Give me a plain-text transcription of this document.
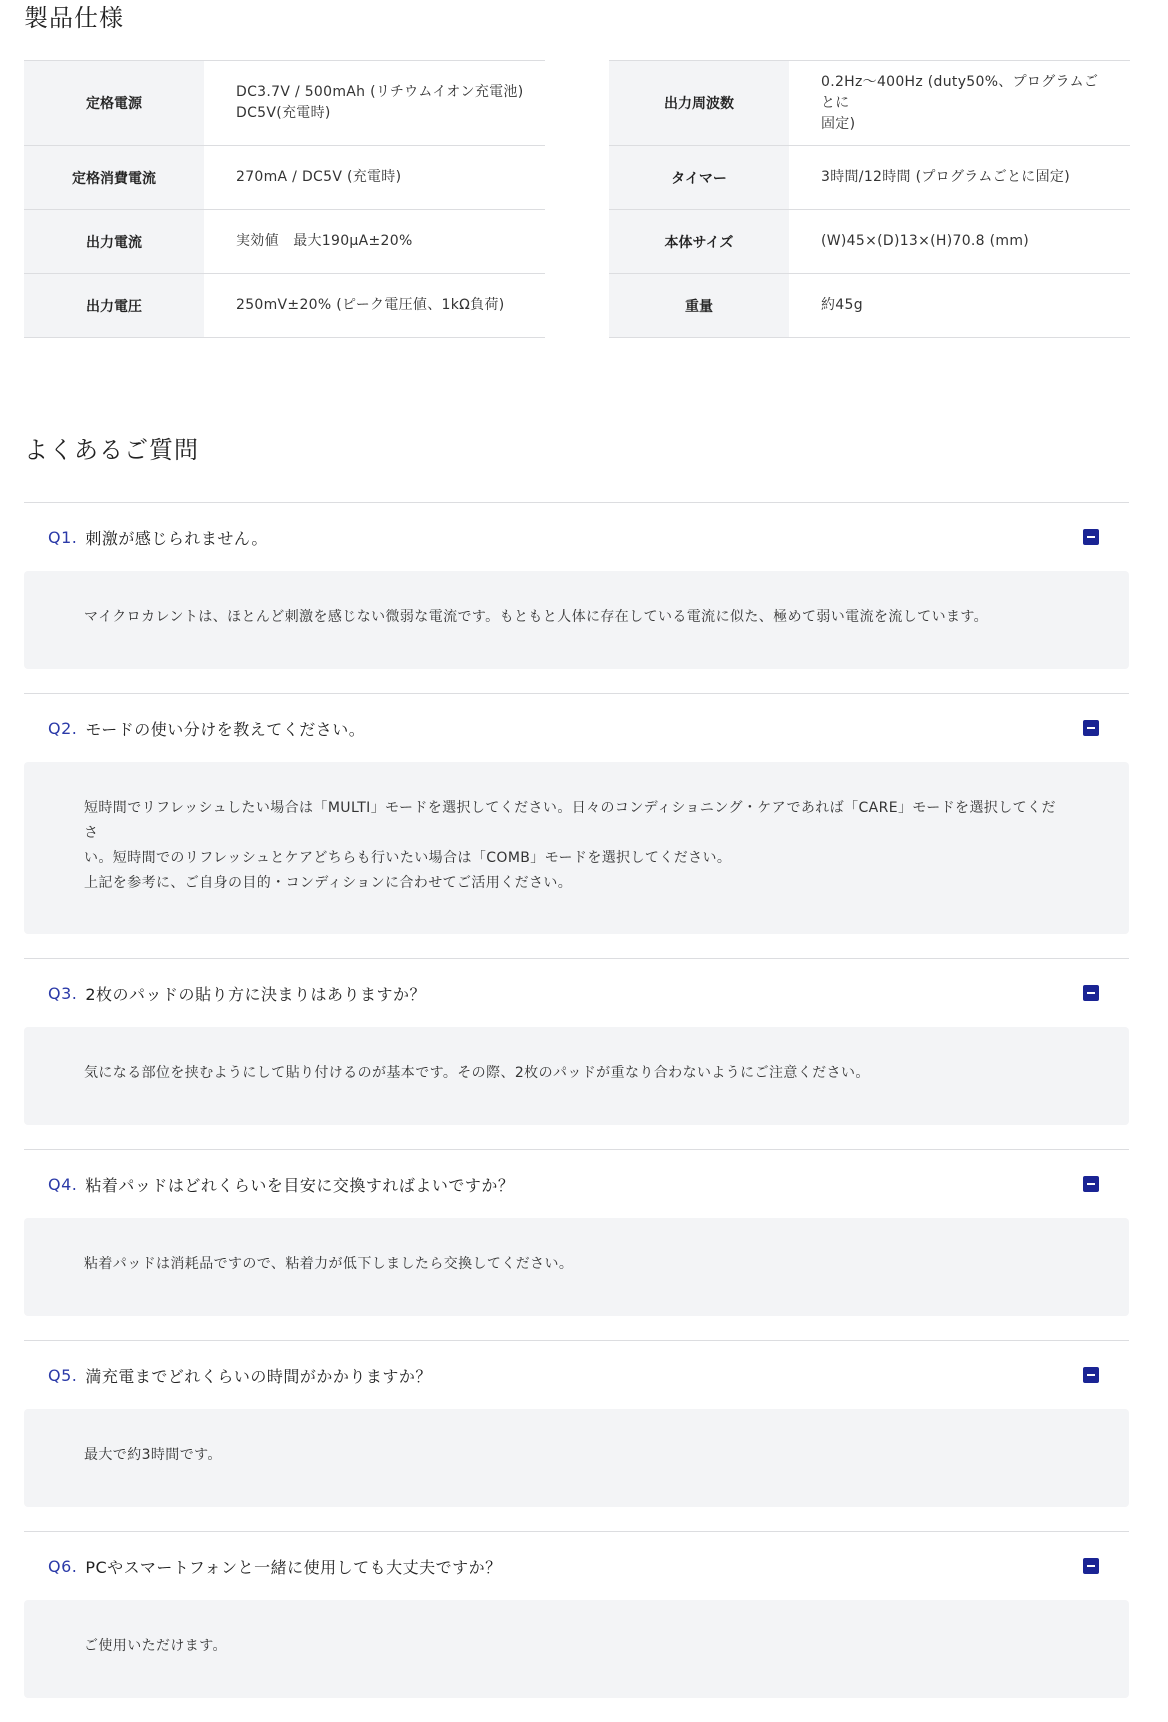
製品仕様
定格電源	DC3.7V / 500mAh (リチウムイオン充電池)
DC5V(充電時)
定格消費電流	270mA / DC5V (充電時)
出力電流	実効値　最大190μA±20%
出力電圧	250mV±20% (ピーク電圧値、1kΩ負荷)
出力周波数	0.2Hz〜400Hz (duty50%、プログラムごとに
固定)
タイマー	3時間/12時間 (プログラムごとに固定)
本体サイズ	(W)45×(D)13×(H)70.8 (mm)
重量	約45g
よくあるご質問
Q1. 刺激が感じられません。
マイクロカレントは、ほとんど刺激を感じない微弱な電流です。もともと人体に存在している電流に似た、極めて弱い電流を流しています。
Q2. モードの使い分けを教えてください。
短時間でリフレッシュしたい場合は「MULTI」モードを選択してください。日々のコンディショニング・ケアであれば「CARE」モードを選択してくださ
い。短時間でのリフレッシュとケアどちらも行いたい場合は「COMB」モードを選択してください。
上記を参考に、ご自身の目的・コンディションに合わせてご活用ください。
Q3. 2枚のパッドの貼り方に決まりはありますか？
気になる部位を挟むようにして貼り付けるのが基本です。その際、2枚のパッドが重なり合わないようにご注意ください。
Q4. 粘着パッドはどれくらいを目安に交換すればよいですか？
粘着パッドは消耗品ですので、粘着力が低下しましたら交換してください。
Q5. 満充電までどれくらいの時間がかかりますか？
最大で約3時間です。
Q6. PCやスマートフォンと一緒に使用しても大丈夫ですか？
ご使用いただけます。
